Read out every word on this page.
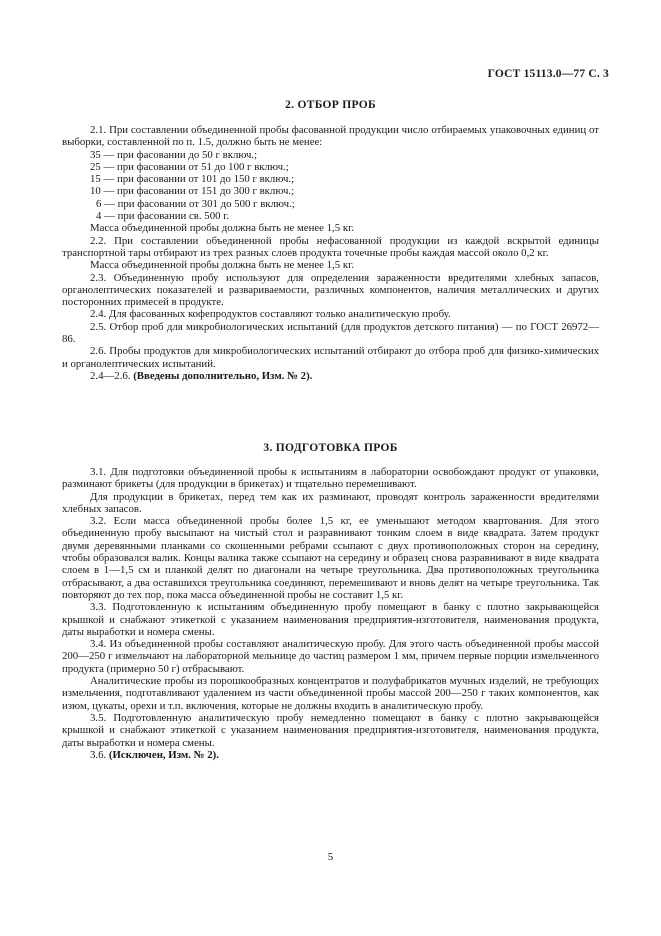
ГОСТ 15113.0—77 С. 3
2. ОТБОР ПРОБ

2.1. При составлении объединенной пробы фасованной продукции число отбираемых упаковочных единиц от выборки, составленной по п. 1.5, должно быть не менее:

35 — при фасовании до 50 г включ.;

25 — при фасовании от 51 до 100 г включ.;

15 — при фасовании от 101 до 150 г включ.;

10 — при фасовании от 151 до 300 г включ.;

6 — при фасовании от 301 до 500 г включ.;

4 — при фасовании св. 500 г.

Масса объединенной пробы должна быть не менее 1,5 кг.

2.2. При составлении объединенной пробы нефасованной продукции из каждой вскрытой единицы транспортной тары отбирают из трех разных слоев продукта точечные пробы каждая массой около 0,2 кг.

Масса объединенной пробы должна быть не менее 1,5 кг.

2.3. Объединенную пробу используют для определения зараженности вредителями хлебных запасов, органолептических показателей и развариваемости, различных компонентов, наличия металлических и других посторонних примесей в продукте.

2.4. Для фасованных кофепродуктов составляют только аналитическую пробу.

2.5. Отбор проб для микробиологических испытаний (для продуктов детского питания) — по ГОСТ 26972—86.

2.6. Пробы продуктов для микробиологических испытаний отбирают до отбора проб для физико-химических и органолептических испытаний.

2.4—2.6. (Введены дополнительно, Изм. № 2).

3. ПОДГОТОВКА ПРОБ

3.1. Для подготовки объединенной пробы к испытаниям в лаборатории освобождают продукт от упаковки, разминают брикеты (для продукции в брикетах) и тщательно перемешивают.

Для продукции в брикетах, перед тем как их разминают, проводят контроль зараженности вредителями хлебных запасов.

3.2. Если масса объединенной пробы более 1,5 кг, ее уменьшают методом квартования. Для этого объединенную пробу высыпают на чистый стол и разравнивают тонким слоем в виде квадрата. Затем продукт двумя деревянными планками со скошенными ребрами ссыпают с двух противоположных сторон на середину, чтобы образовался валик. Концы валика также ссыпают на середину и образец снова разравнивают в виде квадрата слоем в 1—1,5 см и планкой делят по диагонали на четыре треугольника. Два противоположных треугольника отбрасывают, а два оставшихся треугольника соединяют, перемешивают и вновь делят на четыре треугольника. Так повторяют до тех пор, пока масса объединенной пробы не составит 1,5 кг.

3.3. Подготовленную к испытаниям объединенную пробу помещают в банку с плотно закрывающейся крышкой и снабжают этикеткой с указанием наименования предприятия-изготовителя, наименования продукта, даты выработки и номера смены.

3.4. Из объединенной пробы составляют аналитическую пробу. Для этого часть объединенной пробы массой 200—250 г измельчают на лабораторной мельнице до частиц размером 1 мм, причем первые порции измельченного продукта (примерно 50 г) отбрасывают.

Аналитические пробы из порошкообразных концентратов и полуфабрикатов мучных изделий, не требующих измельчения, подготавливают удалением из части объединенной пробы массой 200—250 г таких компонентов, как изюм, цукаты, орехи и т.п. включения, которые не должны входить в аналитическую пробу.

3.5. Подготовленную аналитическую пробу немедленно помещают в банку с плотно закрывающейся крышкой и снабжают этикеткой с указанием наименования предприятия-изготовителя, наименования продукта, даты выработки и номера смены.

3.6. (Исключен, Изм. № 2).

5
